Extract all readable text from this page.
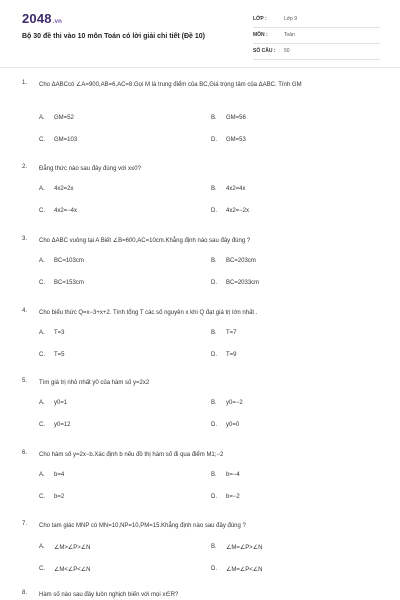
2048.vn
Bộ 30 đề thi vào 10 môn Toán có lời giải chi tiết (Đề 10)
LỚP :	Lớp 9
MÔN :	Toán
SỐ CÂU : 50
1. Cho ΔABCcó ∠A=900,AB=6,AC=8.Gọi M là trung điểm của BC,Giá trọng tâm của ΔABC. Tính GM
A. GM=52	B. GM=56
C. GM=103	D. GM=53
2. Đẳng thức nào sau đây đúng với x≤0?
A. 4x2=2x	B. 4x2=4x
C. 4x2=−4x	D. 4x2=−2x
3. Cho ΔABC vuông tại A Biết ∠B=600,AC=10cm.Khẳng định nào sau đây đúng ?
A. BC=103cm	B. BC=203cm
C. BC=153cm	D. BC=2033cm
4. Cho biểu thức Q=x−3+x+2. Tính tổng T các số nguyên x khi Q đạt giá trị lớn nhất .
A. T=3	B. T=7
C. T=5	D. T=9
5. Tìm giá trị nhỏ nhất y0 của hàm số y=2x2
A. y0=1	B. y0=−2
C. y0=12	D. y0=0
6. Cho hàm số y=2x−b.Xác định b nếu đồ thị hàm số đi qua điểm M1;−2
A. b=4	B. b=−4
C. b=2	D. b=−2
7. Cho tam giác MNP có MN=10,NP=10,PM=15.Khẳng định nào sau đây đúng ?
A. ∠M>∠P>∠N	B. ∠M=∠P>∠N
C. ∠M<∠P<∠N	D. ∠M=∠P<∠N
8. Hàm số nào sau đây luôn nghịch biến với mọi x∈R?
